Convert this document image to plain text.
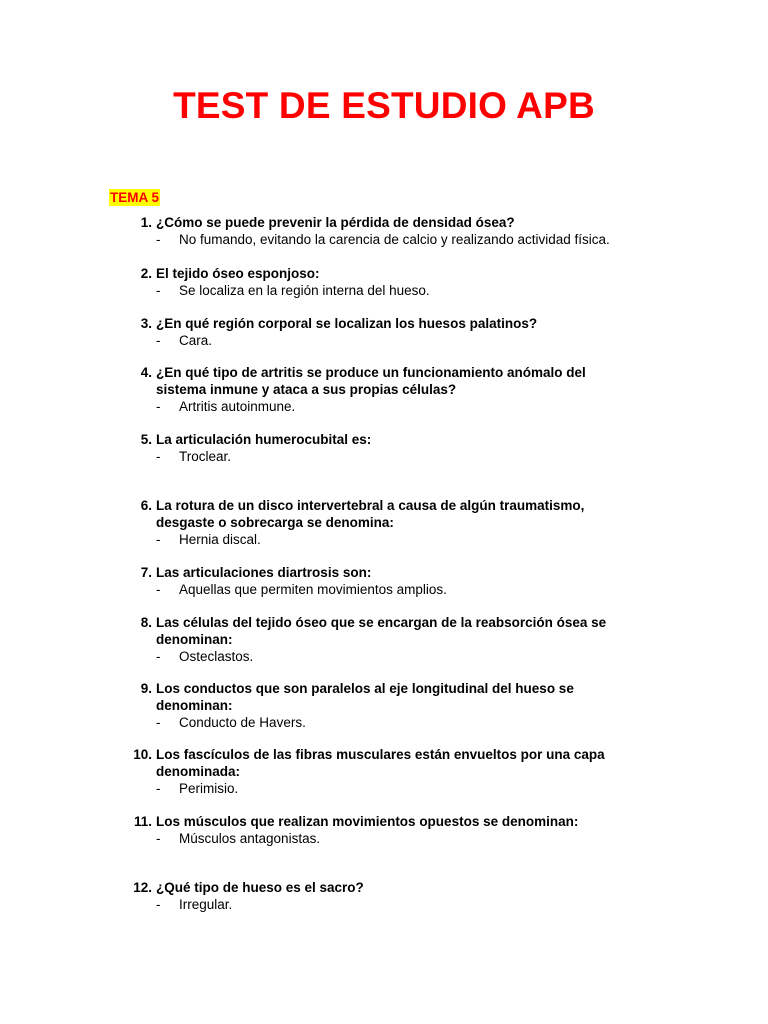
TEST DE ESTUDIO APB
TEMA 5
1. ¿Cómo se puede prevenir la pérdida de densidad ósea?
- No fumando, evitando la carencia de calcio y realizando actividad física.
2. El tejido óseo esponjoso:
- Se localiza en la región interna del hueso.
3. ¿En qué región corporal se localizan los huesos palatinos?
- Cara.
4. ¿En qué tipo de artritis se produce un funcionamiento anómalo del
sistema inmune y ataca a sus propias células?
- Artritis autoinmune.
5. La articulación humerocubital es:
- Troclear.
6. La rotura de un disco intervertebral a causa de algún traumatismo,
desgaste o sobrecarga se denomina:
- Hernia discal.
7. Las articulaciones diartrosis son:
- Aquellas que permiten movimientos amplios.
8. Las células del tejido óseo que se encargan de la reabsorción ósea se
denominan:
- Osteclastos.
9. Los conductos que son paralelos al eje longitudinal del hueso se
denominan:
- Conducto de Havers.
10. Los fascículos de las fibras musculares están envueltos por una capa
denominada:
- Perimisio.
11. Los músculos que realizan movimientos opuestos se denominan:
- Músculos antagonistas.
12. ¿Qué tipo de hueso es el sacro?
- Irregular.
